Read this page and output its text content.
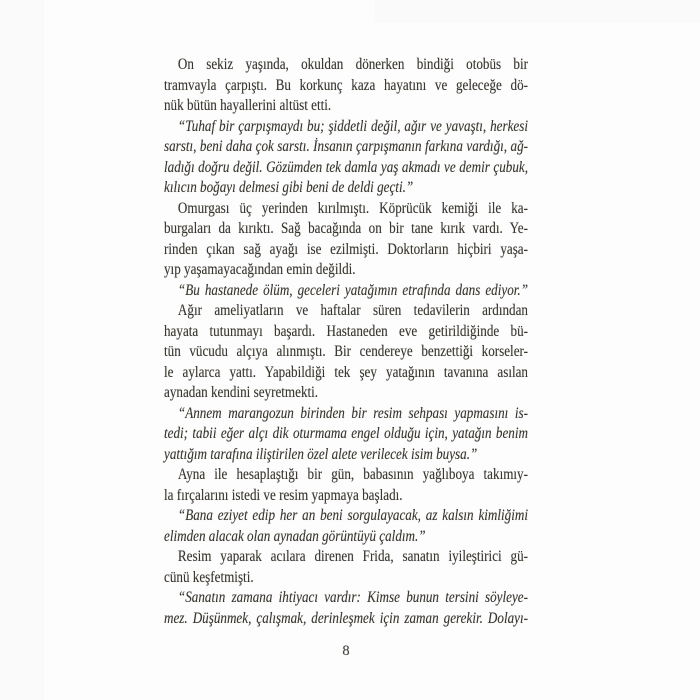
On sekiz yaşında, okuldan dönerken bindiği otobüs bir
tramvayla çarpıştı. Bu korkunç kaza hayatını ve geleceğe dö-
nük bütün hayallerini altüst etti.
“Tuhaf bir çarpışmaydı bu; şiddetli değil, ağır ve yavaştı, herkesi
sarstı, beni daha çok sarstı. İnsanın çarpışmanın farkına vardığı, ağ-
ladığı doğru değil. Gözümden tek damla yaş akmadı ve demir çubuk,
kılıcın boğayı delmesi gibi beni de deldi geçti.”
Omurgası üç yerinden kırılmıştı. Köprücük kemiği ile ka-
burgaları da kırıktı. Sağ bacağında on bir tane kırık vardı. Ye-
rinden çıkan sağ ayağı ise ezilmişti. Doktorların hiçbiri yaşa-
yıp yaşamayacağından emin değildi.
“Bu hastanede ölüm, geceleri yatağımın etrafında dans ediyor.”
Ağır ameliyatların ve haftalar süren tedavilerin ardından
hayata tutunmayı başardı. Hastaneden eve getirildiğinde bü-
tün vücudu alçıya alınmıştı. Bir cendereye benzettiği korseler-
le aylarca yattı. Yapabildiği tek şey yatağının tavanına asılan
aynadan kendini seyretmekti.
“Annem marangozun birinden bir resim sehpası yapmasını is-
tedi; tabii eğer alçı dik oturmama engel olduğu için, yatağın benim
yattığım tarafına iliştirilen özel alete verilecek isim buysa.”
Ayna ile hesaplaştığı bir gün, babasının yağlıboya takımıy-
la fırçalarını istedi ve resim yapmaya başladı.
“Bana eziyet edip her an beni sorgulayacak, az kalsın kimliğimi
elimden alacak olan aynadan görüntüyü çaldım.”
Resim yaparak acılara direnen Frida, sanatın iyileştirici gü-
cünü keşfetmişti.
“Sanatın zamana ihtiyacı vardır: Kimse bunun tersini söyleye-
mez. Düşünmek, çalışmak, derinleşmek için zaman gerekir. Dolayı-
8
